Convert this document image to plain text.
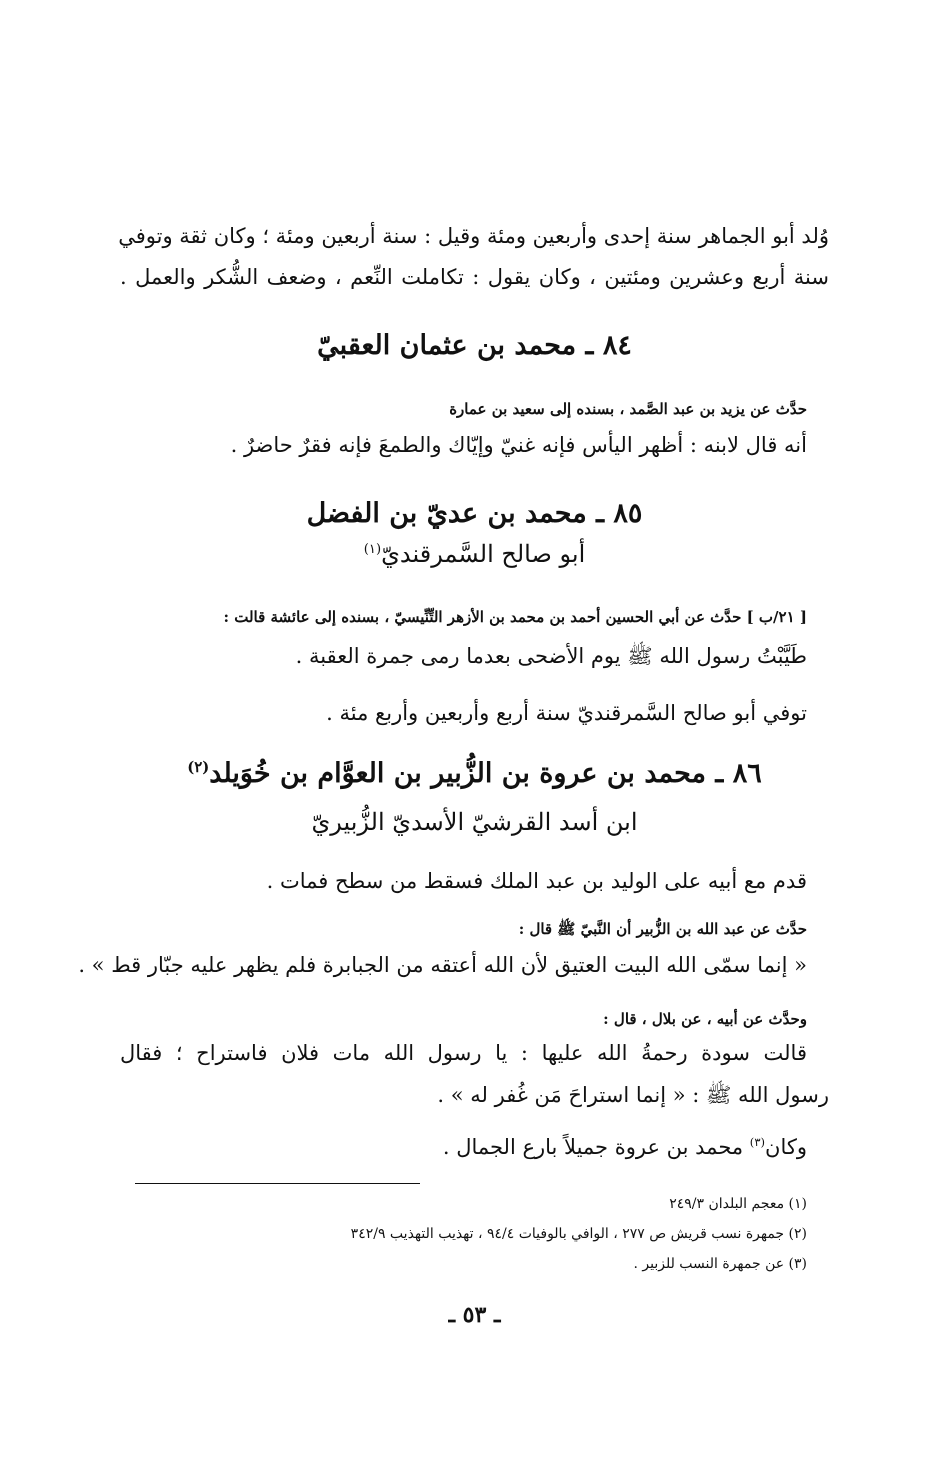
وُلد أبو الجماهر سنة إحدى وأربعين ومئة وقيل : سنة أربعين ومئة ؛ وكان ثقة وتوفي
سنة أربع وعشرين ومئتين ، وكان يقول : تكاملت النِّعم ، وضعف الشُّكر والعمل .
٨٤ ـ محمد بن عثمان العقبيّ
حدَّث عن يزيد بن عبد الصَّمد ، بسنده إلى سعيد بن عمارة
أنه قال لابنه : أظهر اليأس فإنه غنيّ وإيّاك والطمعَ فإنه فقرٌ حاضرٌ .
٨٥ ـ محمد بن عديّ بن الفضل
أبو صالح السَّمرقنديّ$^{(١)}$
[ ٢١/ب ] حدَّث عن أبي الحسين أحمد بن محمد بن الأزهر التِّنِّيسيّ ، بسنده إلى عائشة قالت :
طَيَّبْتُ رسول الله ﷺ يوم الأضحى بعدما رمى جمرة العقبة .
توفي أبو صالح السَّمرقنديّ سنة أربع وأربعين وأربع مئة .
٨٦ ـ محمد بن عروة بن الزُّبير بن العوَّام بن خُوَيلد$^{(٢)}$
ابن أسد القرشيّ الأسديّ الزُّبيريّ
قدم مع أبيه على الوليد بن عبد الملك فسقط من سطح فمات .
حدَّث عن عبد الله بن الزُّبير أن النَّبيّ ﷺ قال :
« إنما سمّى الله البيت العتيق لأن الله أعتقه من الجبابرة فلم يظهر عليه جبّار قط » .
وحدَّث عن أبيه ، عن بلال ، قال :
قالت سودة رحمةُ الله عليها : يا رسول الله مات فلان فاستراح ؛ فقال
رسول الله ﷺ : « إنما استراحَ مَن غُفر له » .
وكان$^{(٣)}$ محمد بن عروة جميلاً بارع الجمال .
(١) معجم البلدان ٢٤٩/٣
(٢) جمهرة نسب قريش ص ٢٧٧ ، الوافي بالوفيات ٩٤/٤ ، تهذيب التهذيب ٣٤٢/٩
(٣) عن جمهرة النسب للزبير .
ـ ٥٣ ـ
